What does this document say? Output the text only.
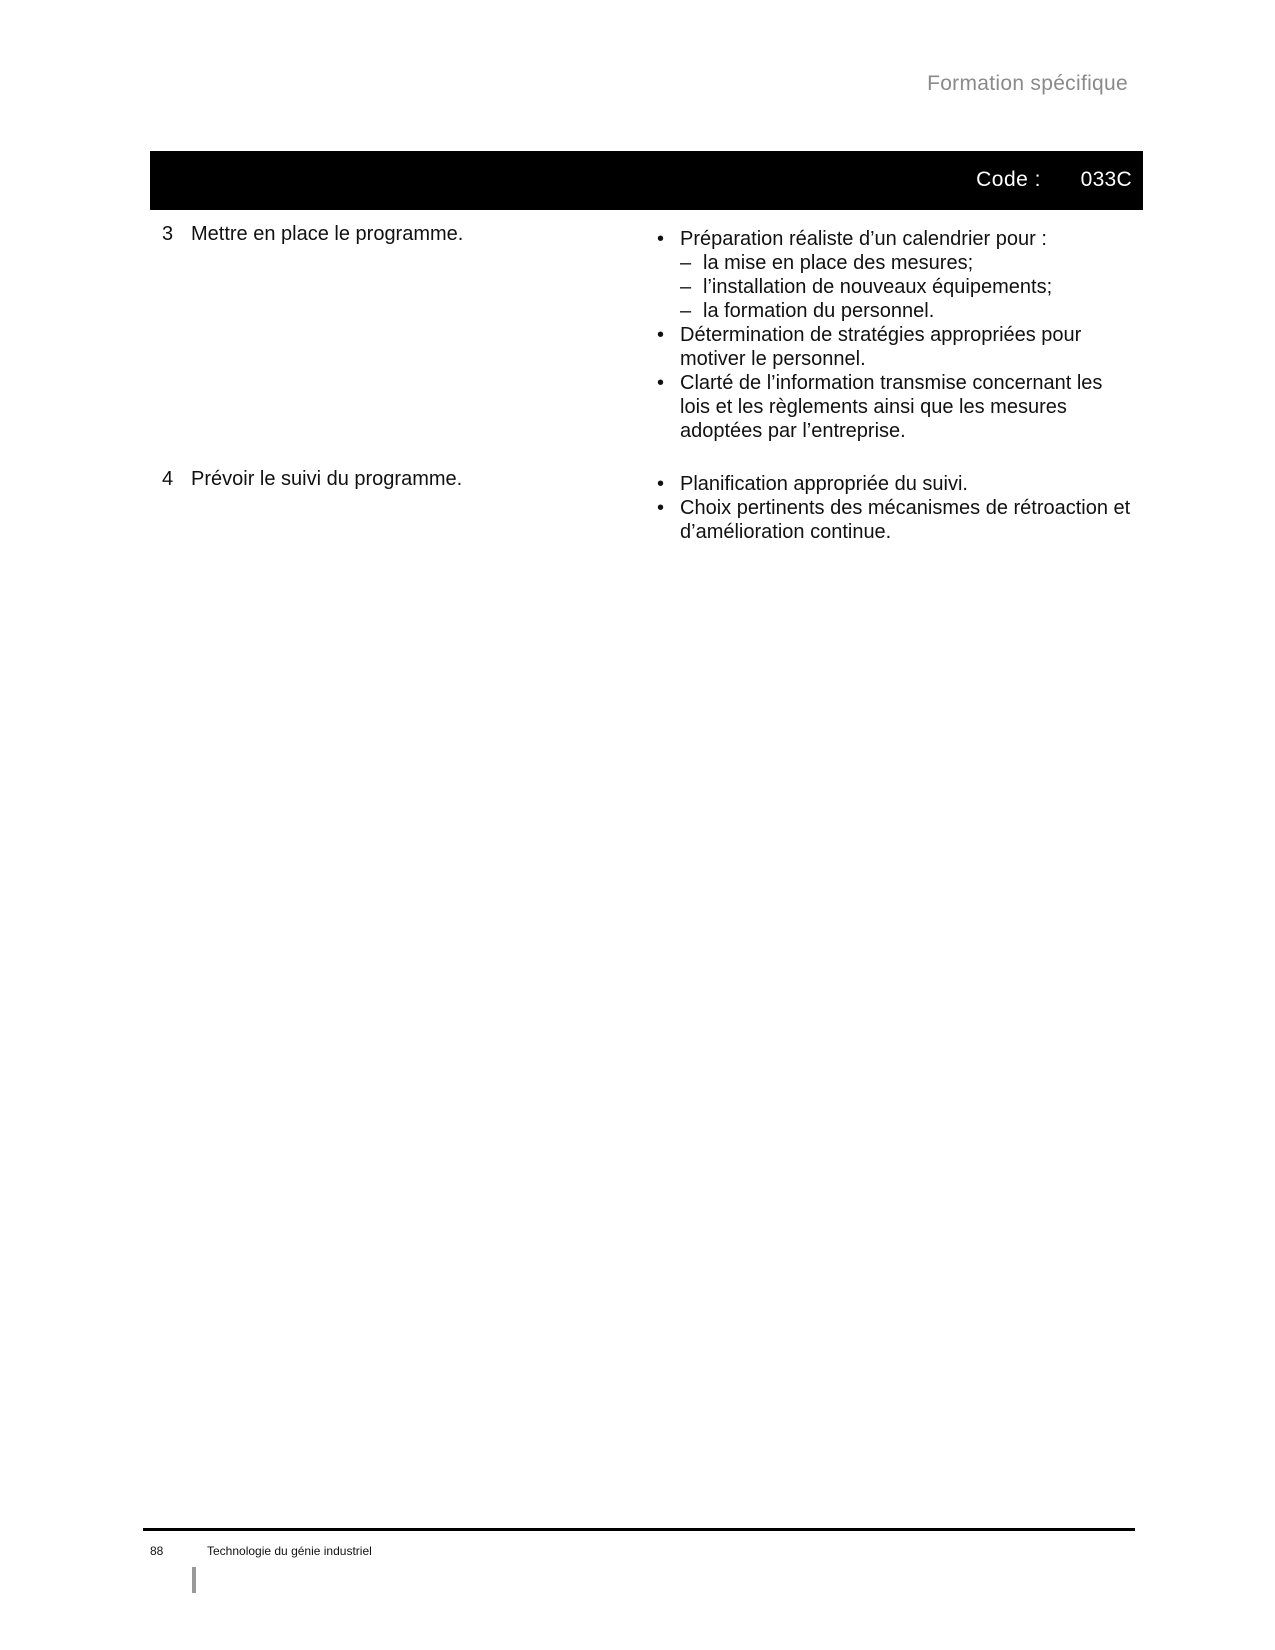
Formation spécifique
Code : 033C
3 Mettre en place le programme.	• Préparation réaliste d’un calendrier pour :
– la mise en place des mesures;
– l’installation de nouveaux équipements;
– la formation du personnel.
• Détermination de stratégies appropriées pour motiver le personnel.
• Clarté de l’information transmise concernant les lois et les règlements ainsi que les mesures adoptées par l’entreprise.
4 Prévoir le suivi du programme.	• Planification appropriée du suivi.
• Choix pertinents des mécanismes de rétroaction et d’amélioration continue.
88	Technologie du génie industriel
